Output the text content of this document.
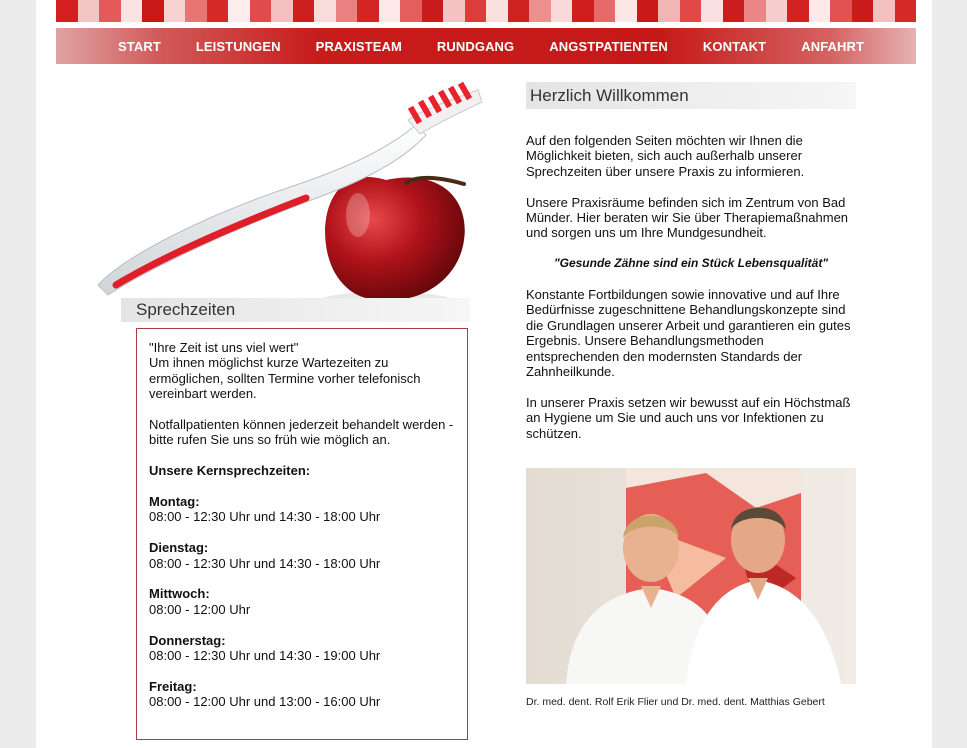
START	LEISTUNGEN	PRAXISTEAM	RUNDGANG	ANGSTPATIENTEN	KONTAKT	ANFAHRT
Sprechzeiten

"Ihre Zeit ist uns viel wert"

Um ihnen möglichst kurze Wartezeiten zu ermöglichen, sollten Termine vorher telefonisch vereinbart werden.

Notfallpatienten können jederzeit behandelt werden - bitte rufen Sie uns so früh wie möglich an.

Unsere Kernsprechzeiten:

Montag:

08:00 - 12:30 Uhr und 14:30 - 18:00 Uhr

Dienstag:

08:00 - 12:30 Uhr und 14:30 - 18:00 Uhr

Mittwoch:

08:00 - 12:00 Uhr

Donnerstag:

08:00 - 12:30 Uhr und 14:30 - 19:00 Uhr

Freitag:

08:00 - 12:00 Uhr und 13:00 - 16:00 Uhr

Herzlich Willkommen

Auf den folgenden Seiten möchten wir Ihnen die Möglichkeit bieten, sich auch außerhalb unserer Sprechzeiten über unsere Praxis zu informieren.

Unsere Praxisräume befinden sich im Zentrum von Bad Münder. Hier beraten wir Sie über Therapiemaßnahmen und sorgen uns um Ihre Mundgesundheit.

"Gesunde Zähne sind ein Stück Lebensqualität"

Konstante Fortbildungen sowie innovative und auf Ihre Bedürfnisse zugeschnittene Behandlungskonzepte sind die Grundlagen unserer Arbeit und garantieren ein gutes Ergebnis. Unsere Behandlungsmethoden entsprechenden den modernsten Standards der Zahnheilkunde.

In unserer Praxis setzen wir bewusst auf ein Höchstmaß an Hygiene um Sie und auch uns vor Infektionen zu schützen.

Dr. med. dent. Rolf Erik Flier und Dr. med. dent. Matthias Gebert
